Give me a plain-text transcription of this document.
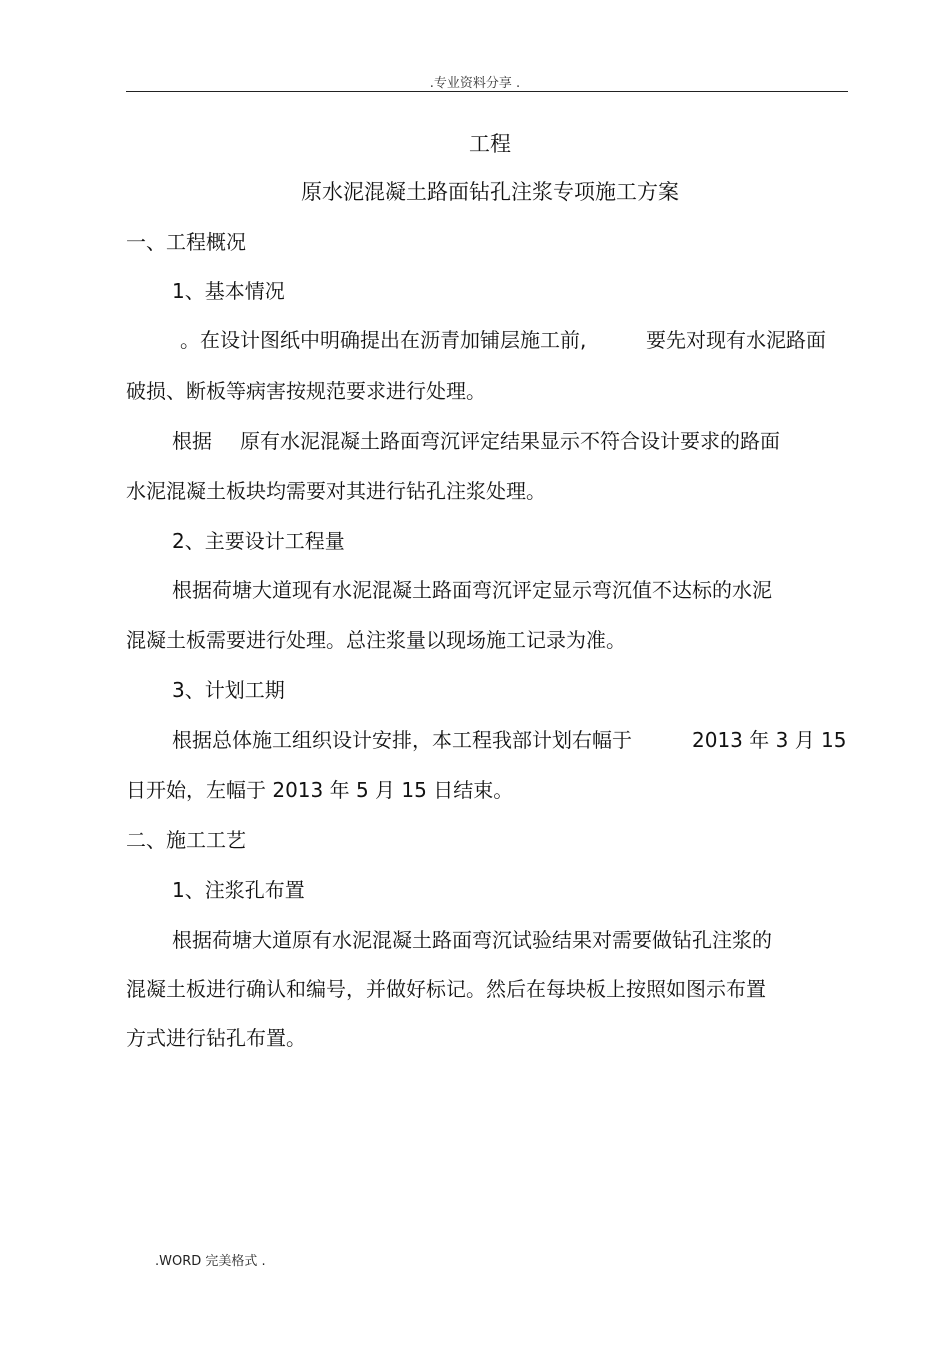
.专业资料分享 .
工程
原水泥混凝土路面钻孔注浆专项施工方案
一、工程概况
1、基本情况
。在设计图纸中明确提出在沥青加铺层施工前,	要先对现有水泥路面
破损、断板等病害按规范要求进行处理。
根据 原有水泥混凝土路面弯沉评定结果显示不符合设计要求的路面
水泥混凝土板块均需要对其进行钻孔注浆处理。
2、主要设计工程量
根据荷塘大道现有水泥混凝土路面弯沉评定显示弯沉值不达标的水泥
混凝土板需要进行处理。总注浆量以现场施工记录为准。
3、计划工期
根据总体施工组织设计安排，本工程我部计划右幅于	2013 年 3 月 15
日开始，左幅于 2013 年 5 月 15 日结束。
二、施工工艺
1、注浆孔布置
根据荷塘大道原有水泥混凝土路面弯沉试验结果对需要做钻孔注浆的
混凝土板进行确认和编号，并做好标记。然后在每块板上按照如图示布置
方式进行钻孔布置。
.WORD 完美格式 .
